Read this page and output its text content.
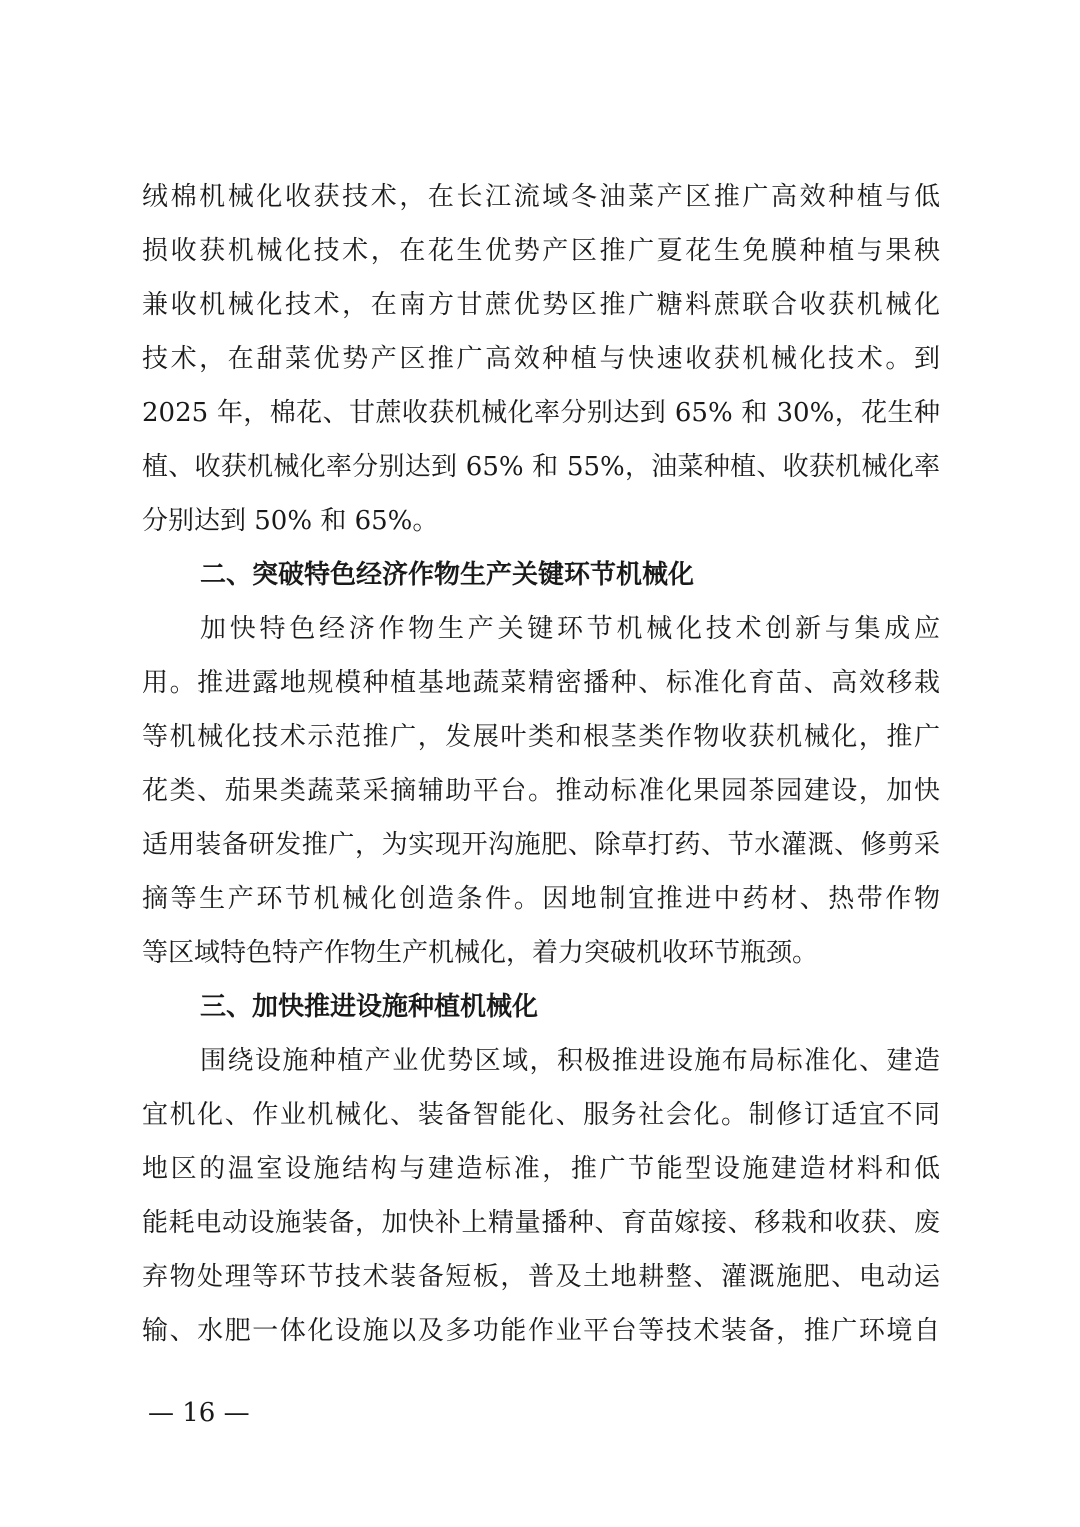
绒棉机械化收获技术，在长江流域冬油菜产区推广高效种植与低
损收获机械化技术，在花生优势产区推广夏花生免膜种植与果秧
兼收机械化技术，在南方甘蔗优势区推广糖料蔗联合收获机械化
技术，在甜菜优势产区推广高效种植与快速收获机械化技术。到
2025 年，棉花、甘蔗收获机械化率分别达到 65% 和 30%，花生种
植、收获机械化率分别达到 65% 和 55%，油菜种植、收获机械化率
分别达到 50% 和 65%。
二、突破特色经济作物生产关键环节机械化
加快特色经济作物生产关键环节机械化技术创新与集成应
用。推进露地规模种植基地蔬菜精密播种、标准化育苗、高效移栽
等机械化技术示范推广，发展叶类和根茎类作物收获机械化，推广
花类、茄果类蔬菜采摘辅助平台。推动标准化果园茶园建设，加快
适用装备研发推广，为实现开沟施肥、除草打药、节水灌溉、修剪采
摘等生产环节机械化创造条件。因地制宜推进中药材、热带作物
等区域特色特产作物生产机械化，着力突破机收环节瓶颈。
三、加快推进设施种植机械化
围绕设施种植产业优势区域，积极推进设施布局标准化、建造
宜机化、作业机械化、装备智能化、服务社会化。制修订适宜不同
地区的温室设施结构与建造标准，推广节能型设施建造材料和低
能耗电动设施装备，加快补上精量播种、育苗嫁接、移栽和收获、废
弃物处理等环节技术装备短板，普及土地耕整、灌溉施肥、电动运
输、水肥一体化设施以及多功能作业平台等技术装备，推广环境自
— 16 —
